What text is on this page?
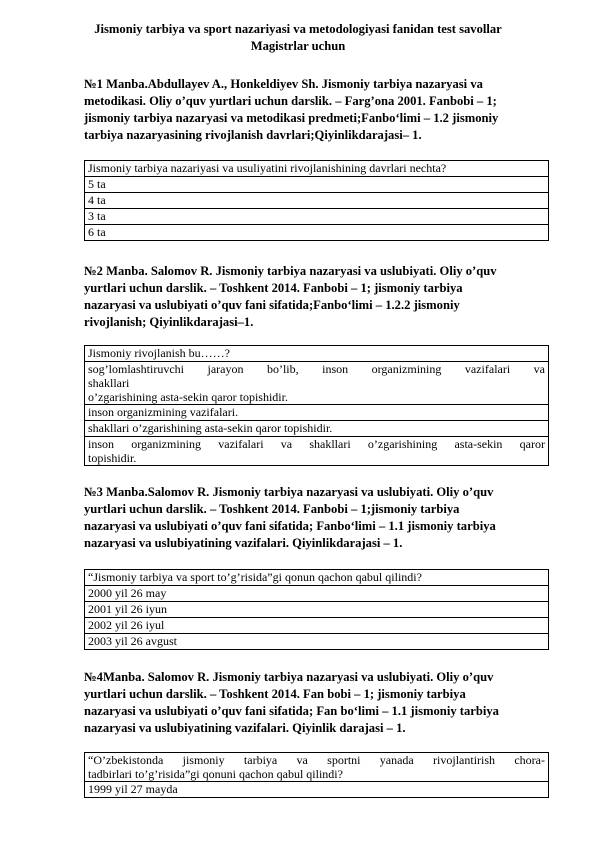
Jismoniy tarbiya va sport nazariyasi va metodologiyasi fanidan test savollar
Magistrlar uchun
№1 Manba.Abdullayev A., Honkeldiyev Sh. Jismoniy tarbiya nazaryasi va
metodikasi. Oliy o’quv yurtlari uchun darslik. – Farg’ona 2001. Fanbobi – 1;
jismoniy tarbiya nazaryasi va metodikasi predmeti;Fanbo‘limi – 1.2 jismoniy
tarbiya nazaryasining rivojlanish davrlari;Qiyinlikdarajasi– 1.
Jismoniy tarbiya nazariyasi va usuliyatini rivojlanishining davrlari nechta?
5 ta
4 ta
3 ta
6 ta
№2 Manba. Salomov R. Jismoniy tarbiya nazaryasi va uslubiyati. Oliy o’quv
yurtlari uchun darslik. – Toshkent 2014. Fanbobi – 1; jismoniy tarbiya
nazaryasi va uslubiyati o’quv fani sifatida;Fanbo‘limi – 1.2.2 jismoniy
rivojlanish; Qiyinlikdarajasi–1.
Jismoniy rivojlanish bu……?

sog’lomlashtiruvchi jarayon bo’lib, inson organizmining vazifalari va
shakllari
o’zgarishining asta-sekin qaror topishidir.

inson organizmining vazifalari.
shakllari o’zgarishining asta-sekin qaror topishidir.

inson organizmining vazifalari va shakllari o’zgarishining asta-sekin qaror
topishidir.
№3 Manba.Salomov R. Jismoniy tarbiya nazaryasi va uslubiyati. Oliy o’quv
yurtlari uchun darslik. – Toshkent 2014. Fanbobi – 1;jismoniy tarbiya
nazaryasi va uslubiyati o’quv fani sifatida; Fanbo‘limi – 1.1 jismoniy tarbiya
nazaryasi va uslubiyatining vazifalari. Qiyinlikdarajasi – 1.
“Jismoniy tarbiya va sport to’g’risida”gi qonun qachon qabul qilindi?
2000 yil 26 may
2001 yil 26 iyun
2002 yil 26 iyul
2003 yil 26 avgust
№4Manba. Salomov R. Jismoniy tarbiya nazaryasi va uslubiyati. Oliy o’quv
yurtlari uchun darslik. – Toshkent 2014. Fan bobi – 1; jismoniy tarbiya
nazaryasi va uslubiyati o’quv fani sifatida; Fan bo‘limi – 1.1 jismoniy tarbiya
nazaryasi va uslubiyatining vazifalari. Qiyinlik darajasi – 1.
“O’zbekistonda jismoniy tarbiya va sportni yanada rivojlantirish chora-
tadbirlari to’g’risida”gi qonuni qachon qabul qilindi?

1999 yil 27 mayda
